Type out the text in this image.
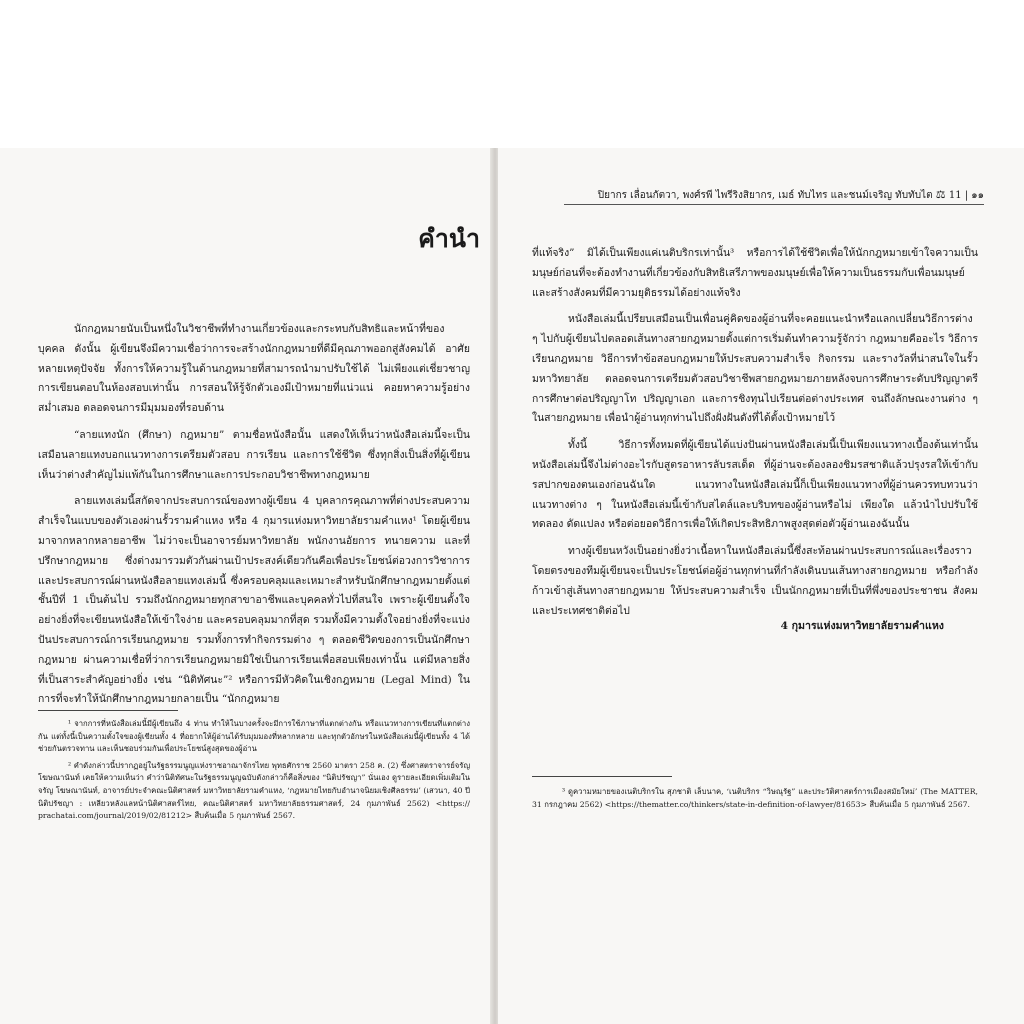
คำนำ

นักกฎหมายนับเป็นหนึ่งในวิชาชีพที่ทำงานเกี่ยวข้องและกระทบกับสิทธิและหน้าที่ของบุคคล ดังนั้น ผู้เขียนจึงมีความเชื่อว่าการจะสร้างนักกฎหมายที่ดีมีคุณภาพออกสู่สังคมได้ อาศัยหลายเหตุปัจจัย ทั้งการให้ความรู้ในด้านกฎหมายที่สามารถนำมาปรับใช้ได้ ไม่เพียงแต่เชี่ยวชาญการเขียนตอบในห้องสอบเท่านั้น การสอนให้รู้จักตัวเองมีเป้าหมายที่แน่วแน่ คอยหาความรู้อย่างสม่ำเสมอ ตลอดจนการมีมุมมองที่รอบด้าน

“ลายแทงนัก (ศึกษา) กฎหมาย” ตามชื่อหนังสือนั้น แสดงให้เห็นว่าหนังสือเล่มนี้จะเป็นเสมือนลายแทงบอกแนวทางการเตรียมตัวสอบ การเรียน และการใช้ชีวิต ซึ่งทุกสิ่งเป็นสิ่งที่ผู้เขียนเห็นว่าต่างสำคัญไม่แพ้กันในการศึกษาและการประกอบวิชาชีพทางกฎหมาย

ลายแทงเล่มนี้สกัดจากประสบการณ์ของทางผู้เขียน 4 บุคลากรคุณภาพที่ต่างประสบความสำเร็จในแบบของตัวเองผ่านรั้วรามคำแหง หรือ 4 กุมารแห่งมหาวิทยาลัยรามคำแหง¹ โดยผู้เขียนมาจากหลากหลายอาชีพ ไม่ว่าจะเป็นอาจารย์มหาวิทยาลัย พนักงานอัยการ ทนายความ และที่ปรึกษากฎหมาย ซึ่งต่างมารวมตัวกันผ่านเป้าประสงค์เดียวกันคือเพื่อประโยชน์ต่อวงการวิชาการและประสบการณ์ผ่านหนังสือลายแทงเล่มนี้ ซึ่งครอบคลุมและเหมาะสำหรับนักศึกษากฎหมายตั้งแต่ชั้นปีที่ 1 เป็นต้นไป รวมถึงนักกฎหมายทุกสาขาอาชีพและบุคคลทั่วไปที่สนใจ เพราะผู้เขียนตั้งใจอย่างยิ่งที่จะเขียนหนังสือให้เข้าใจง่าย และครอบคลุมมากที่สุด รวมทั้งมีความตั้งใจอย่างยิ่งที่จะแบ่งปันประสบการณ์การเรียนกฎหมาย รวมทั้งการทำกิจกรรมต่าง ๆ ตลอดชีวิตของการเป็นนักศึกษากฎหมาย ผ่านความเชื่อที่ว่าการเรียนกฎหมายมิใช่เป็นการเรียนเพื่อสอบเพียงเท่านั้น แต่มีหลายสิ่งที่เป็นสาระสำคัญอย่างยิ่ง เช่น “นิติทัศนะ”² หรือการมีหัวคิดในเชิงกฎหมาย (Legal Mind) ในการที่จะทำให้นักศึกษากฎหมายกลายเป็น “นักกฎหมาย

¹ จากการที่หนังสือเล่มนี้มีผู้เขียนถึง 4 ท่าน ทำให้ในบางครั้งจะมีการใช้ภาษาที่แตกต่างกัน หรือแนวทางการเขียนที่แตกต่างกัน แต่ทั้งนี้เป็นความตั้งใจของผู้เขียนทั้ง 4 ที่อยากให้ผู้อ่านได้รับมุมมองที่หลากหลาย และทุกตัวอักษรในหนังสือเล่มนี้ผู้เขียนทั้ง 4 ได้ช่วยกันตรวจทาน และเห็นชอบร่วมกันเพื่อประโยชน์สูงสุดของผู้อ่าน

² คำดังกล่าวนี้ปรากฏอยู่ในรัฐธรรมนูญแห่งราชอาณาจักรไทย พุทธศักราช 2560 มาตรา 258 ค. (2) ซึ่งศาสตราจารย์จรัญ โฆษณานันท์ เคยให้ความเห็นว่า คำว่านิติทัศนะในรัฐธรรมนูญฉบับดังกล่าวก็คือสิ่งของ “นิติปรัชญา” นั่นเอง ดูรายละเอียดเพิ่มเติมใน จรัญ โฆษณานันท์, อาจารย์ประจำคณะนิติศาสตร์ มหาวิทยาลัยรามคำแหง, ‘กฎหมายไทยกับอำนาจนิยมเชิงศีลธรรม’ (เสวนา, 40 ปี นิติปรัชญา : เหลียวหลังแลหน้านิติศาสตร์ไทย, คณะนิติศาสตร์ มหาวิทยาลัยธรรมศาสตร์, 24 กุมภาพันธ์ 2562) <https:// prachatai.com/journal/2019/02/81212> สืบค้นเมื่อ 5 กุมภาพันธ์ 2567.

ปิยากร เลื่อนกัตวา, พงศ์รพี ไพรีริงสิยากร, เมธ์ ทับไทร และชนม์เจริญ ทับทับไต ⚖ 11 | ๑๑

ที่แท้จริง” มิได้เป็นเพียงแค่เนติบริกรเท่านั้น³ หรือการได้ใช้ชีวิตเพื่อให้นักกฎหมายเข้าใจความเป็นมนุษย์ก่อนที่จะต้องทำงานที่เกี่ยวข้องกับสิทธิเสรีภาพของมนุษย์เพื่อให้ความเป็นธรรมกับเพื่อนมนุษย์ และสร้างสังคมที่มีความยุติธรรมได้อย่างแท้จริง

หนังสือเล่มนี้เปรียบเสมือนเป็นเพื่อนคู่คิดของผู้อ่านที่จะคอยแนะนำหรือแลกเปลี่ยนวิธีการต่าง ๆ ไปกับผู้เขียนไปตลอดเส้นทางสายกฎหมายตั้งแต่การเริ่มต้นทำความรู้จักว่า กฎหมายคืออะไร วิธีการเรียนกฎหมาย วิธีการทำข้อสอบกฎหมายให้ประสบความสำเร็จ กิจกรรม และรางวัลที่น่าสนใจในรั้วมหาวิทยาลัย ตลอดจนการเตรียมตัวสอบวิชาชีพสายกฎหมายภายหลังจบการศึกษาระดับปริญญาตรี การศึกษาต่อปริญญาโท ปริญญาเอก และการชิงทุนไปเรียนต่อต่างประเทศ จนถึงลักษณะงานต่าง ๆ ในสายกฎหมาย เพื่อนำผู้อ่านทุกท่านไปถึงฝั่งฝันดังที่ได้ตั้งเป้าหมายไว้

ทั้งนี้ วิธีการทั้งหมดที่ผู้เขียนได้แบ่งปันผ่านหนังสือเล่มนี้เป็นเพียงแนวทางเบื้องต้นเท่านั้น หนังสือเล่มนี้จึงไม่ต่างอะไรกับสูตรอาหารลับรสเด็ด ที่ผู้อ่านจะต้องลองชิมรสชาติแล้วปรุงรสให้เข้ากับรสปากของตนเองก่อนฉันใด แนวทางในหนังสือเล่มนี้ก็เป็นเพียงแนวทางที่ผู้อ่านควรทบทวนว่าแนวทางต่าง ๆ ในหนังสือเล่มนี้เข้ากับสไตล์และบริบทของผู้อ่านหรือไม่ เพียงใด แล้วนำไปปรับใช้ ทดลอง ดัดแปลง หรือต่อยอดวิธีการเพื่อให้เกิดประสิทธิภาพสูงสุดต่อตัวผู้อ่านเองฉันนั้น

ทางผู้เขียนหวังเป็นอย่างยิ่งว่าเนื้อหาในหนังสือเล่มนี้ซึ่งสะท้อนผ่านประสบการณ์และเรื่องราวโดยตรงของทีมผู้เขียนจะเป็นประโยชน์ต่อผู้อ่านทุกท่านที่กำลังเดินบนเส้นทางสายกฎหมาย หรือกำลังก้าวเข้าสู่เส้นทางสายกฎหมาย ให้ประสบความสำเร็จ เป็นนักกฎหมายที่เป็นที่พึ่งของประชาชน สังคม และประเทศชาติต่อไป

4 กุมารแห่งมหาวิทยาลัยรามคำแหง

³ ดูความหมายของเนติบริกรใน สุภชาติ เล็บนาค, ‘เนติบริกร “วิษณุรัฐ” และประวัติศาสตร์การเมืองสมัยใหม่’ (The MATTER, 31 กรกฎาคม 2562) <https://thematter.co/thinkers/state-in-definition-of-lawyer/81653> สืบค้นเมื่อ 5 กุมภาพันธ์ 2567.
